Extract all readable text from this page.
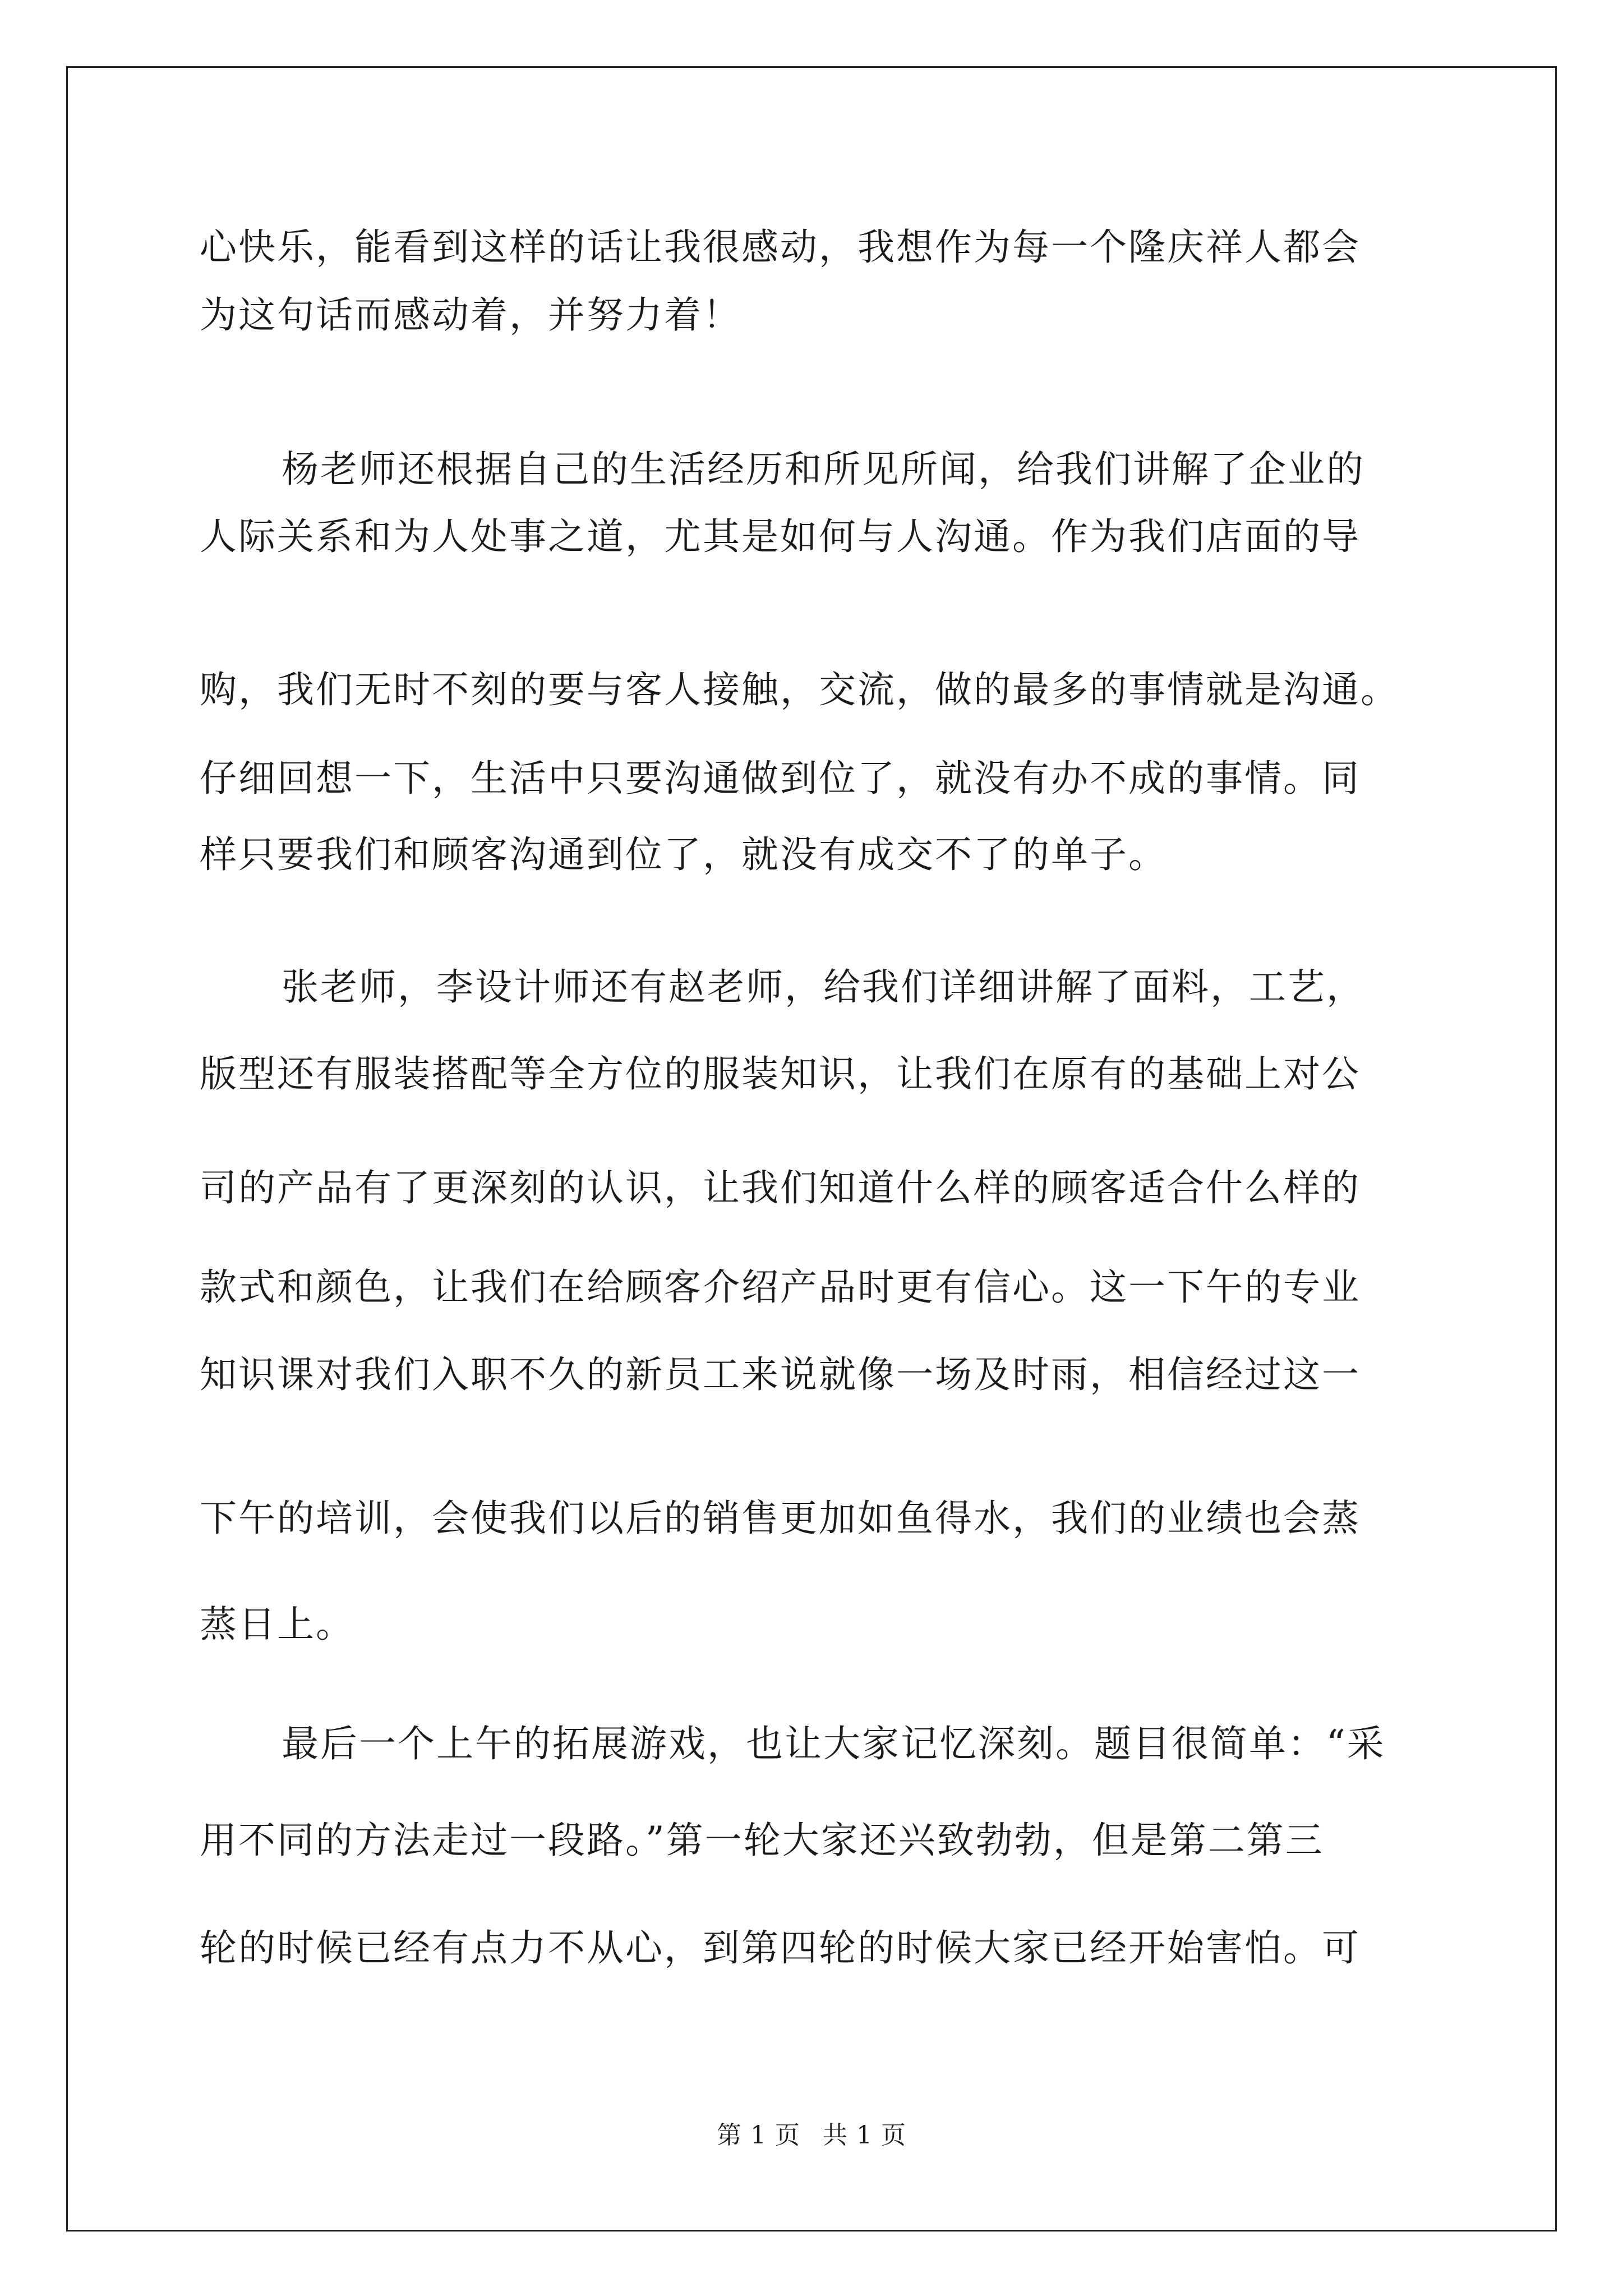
心快乐，能看到这样的话让我很感动，我想作为每一个隆庆祥人都会
为这句话而感动着，并努力着！
杨老师还根据自己的生活经历和所见所闻，给我们讲解了企业的
人际关系和为人处事之道，尤其是如何与人沟通。作为我们店面的导
购，我们无时不刻的要与客人接触，交流，做的最多的事情就是沟通。
仔细回想一下，生活中只要沟通做到位了，就没有办不成的事情。同
样只要我们和顾客沟通到位了，就没有成交不了的单子。
张老师，李设计师还有赵老师，给我们详细讲解了面料，工艺，
版型还有服装搭配等全方位的服装知识，让我们在原有的基础上对公
司的产品有了更深刻的认识，让我们知道什么样的顾客适合什么样的
款式和颜色，让我们在给顾客介绍产品时更有信心。这一下午的专业
知识课对我们入职不久的新员工来说就像一场及时雨，相信经过这一
下午的培训，会使我们以后的销售更加如鱼得水，我们的业绩也会蒸
蒸日上。
最后一个上午的拓展游戏，也让大家记忆深刻。题目很简单：“采
用不同的方法走过一段路。”第一轮大家还兴致勃勃，但是第二第三
轮的时候已经有点力不从心，到第四轮的时候大家已经开始害怕。可
第 1 页 共 1 页
